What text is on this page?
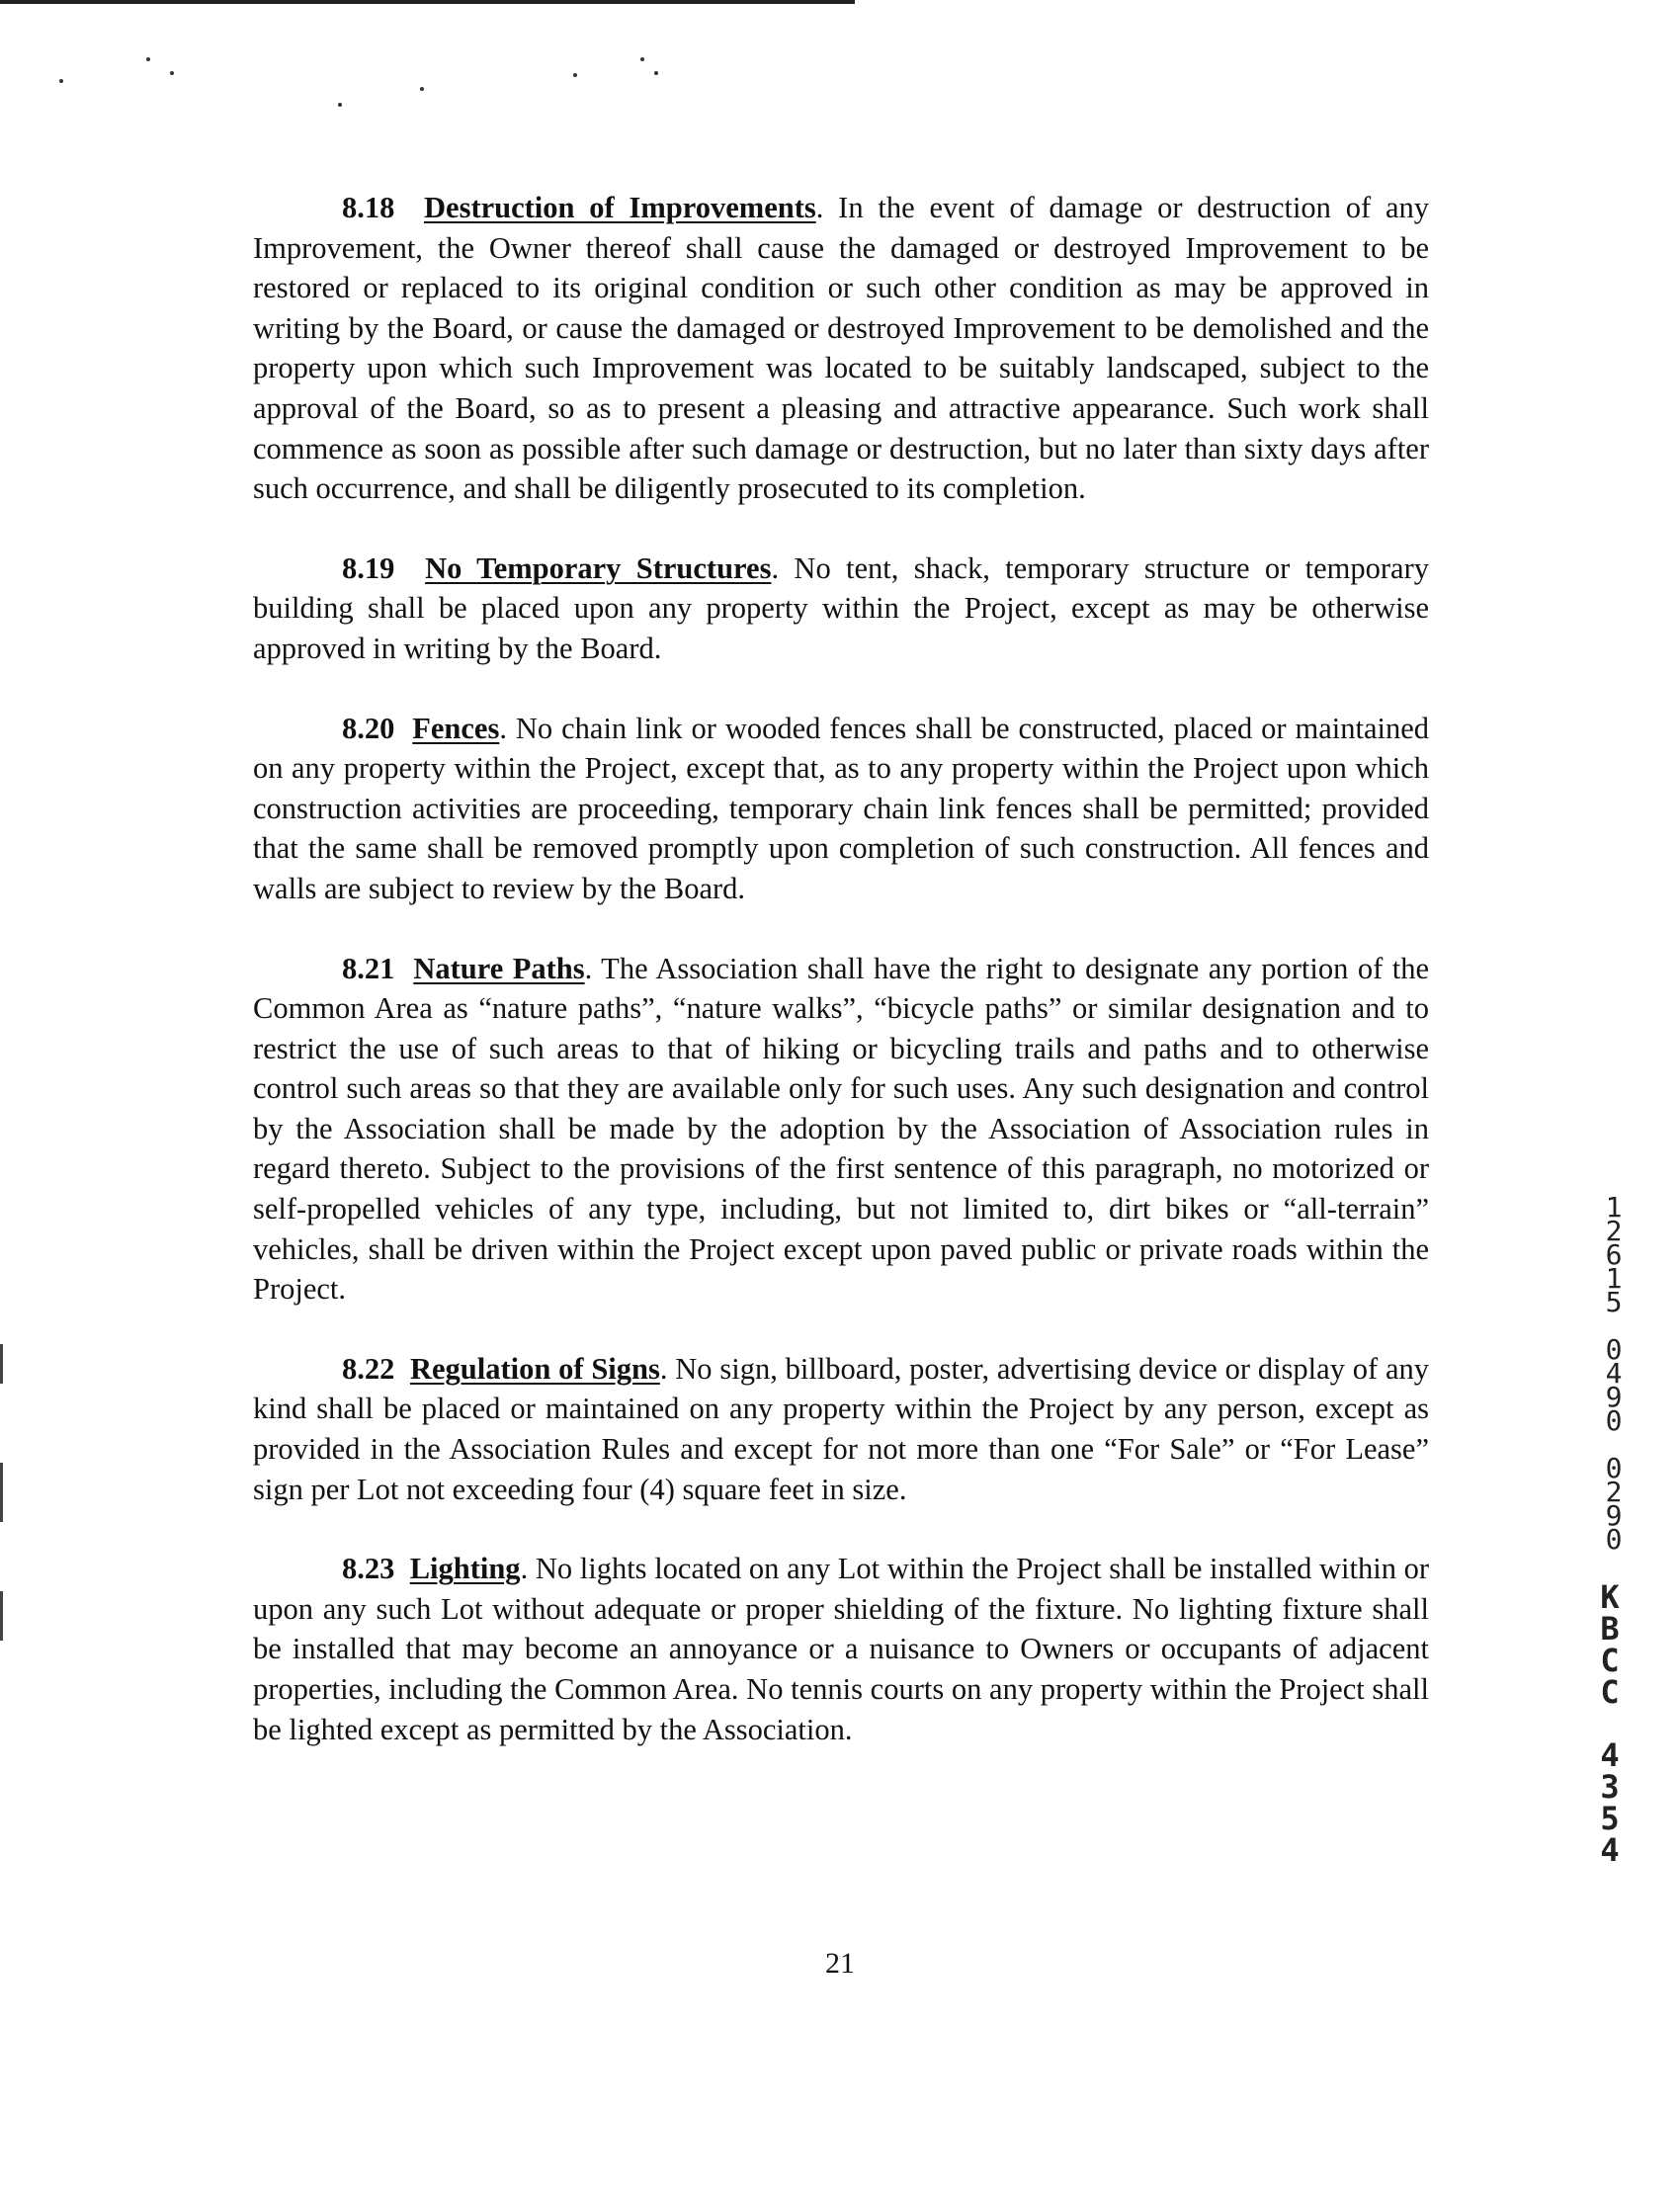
8.18 Destruction of Improvements. In the event of damage or destruction of any Improvement, the Owner thereof shall cause the damaged or destroyed Improvement to be restored or replaced to its original condition or such other condition as may be approved in writing by the Board, or cause the damaged or destroyed Improvement to be demolished and the property upon which such Improvement was located to be suitably landscaped, subject to the approval of the Board, so as to present a pleasing and attractive appearance. Such work shall commence as soon as possible after such damage or destruction, but no later than sixty days after such occurrence, and shall be diligently prosecuted to its completion.

8.19 No Temporary Structures. No tent, shack, temporary structure or temporary building shall be placed upon any property within the Project, except as may be otherwise approved in writing by the Board.

8.20 Fences. No chain link or wooded fences shall be constructed, placed or maintained on any property within the Project, except that, as to any property within the Project upon which construction activities are proceeding, temporary chain link fences shall be permitted; provided that the same shall be removed promptly upon completion of such construction. All fences and walls are subject to review by the Board.

8.21 Nature Paths. The Association shall have the right to designate any portion of the Common Area as “nature paths”, “nature walks”, “bicycle paths” or similar designation and to restrict the use of such areas to that of hiking or bicycling trails and paths and to otherwise control such areas so that they are available only for such uses. Any such designation and control by the Association shall be made by the adoption by the Association of Association rules in regard thereto. Subject to the provisions of the first sentence of this paragraph, no motorized or self-propelled vehicles of any type, including, but not limited to, dirt bikes or “all-terrain” vehicles, shall be driven within the Project except upon paved public or private roads within the Project.

8.22 Regulation of Signs. No sign, billboard, poster, advertising device or display of any kind shall be placed or maintained on any property within the Project by any person, except as provided in the Association Rules and except for not more than one “For Sale” or “For Lease” sign per Lot not exceeding four (4) square feet in size.

8.23 Lighting. No lights located on any Lot within the Project shall be installed within or upon any such Lot without adequate or proper shielding of the fixture. No lighting fixture shall be installed that may become an annoyance or a nuisance to Owners or occupants of adjacent properties, including the Common Area. No tennis courts on any property within the Project shall be lighted except as permitted by the Association.

21
1
2
6
1
5

0
4
9
0

0
2
9
0
K
B
C
C

4
3
5
4
